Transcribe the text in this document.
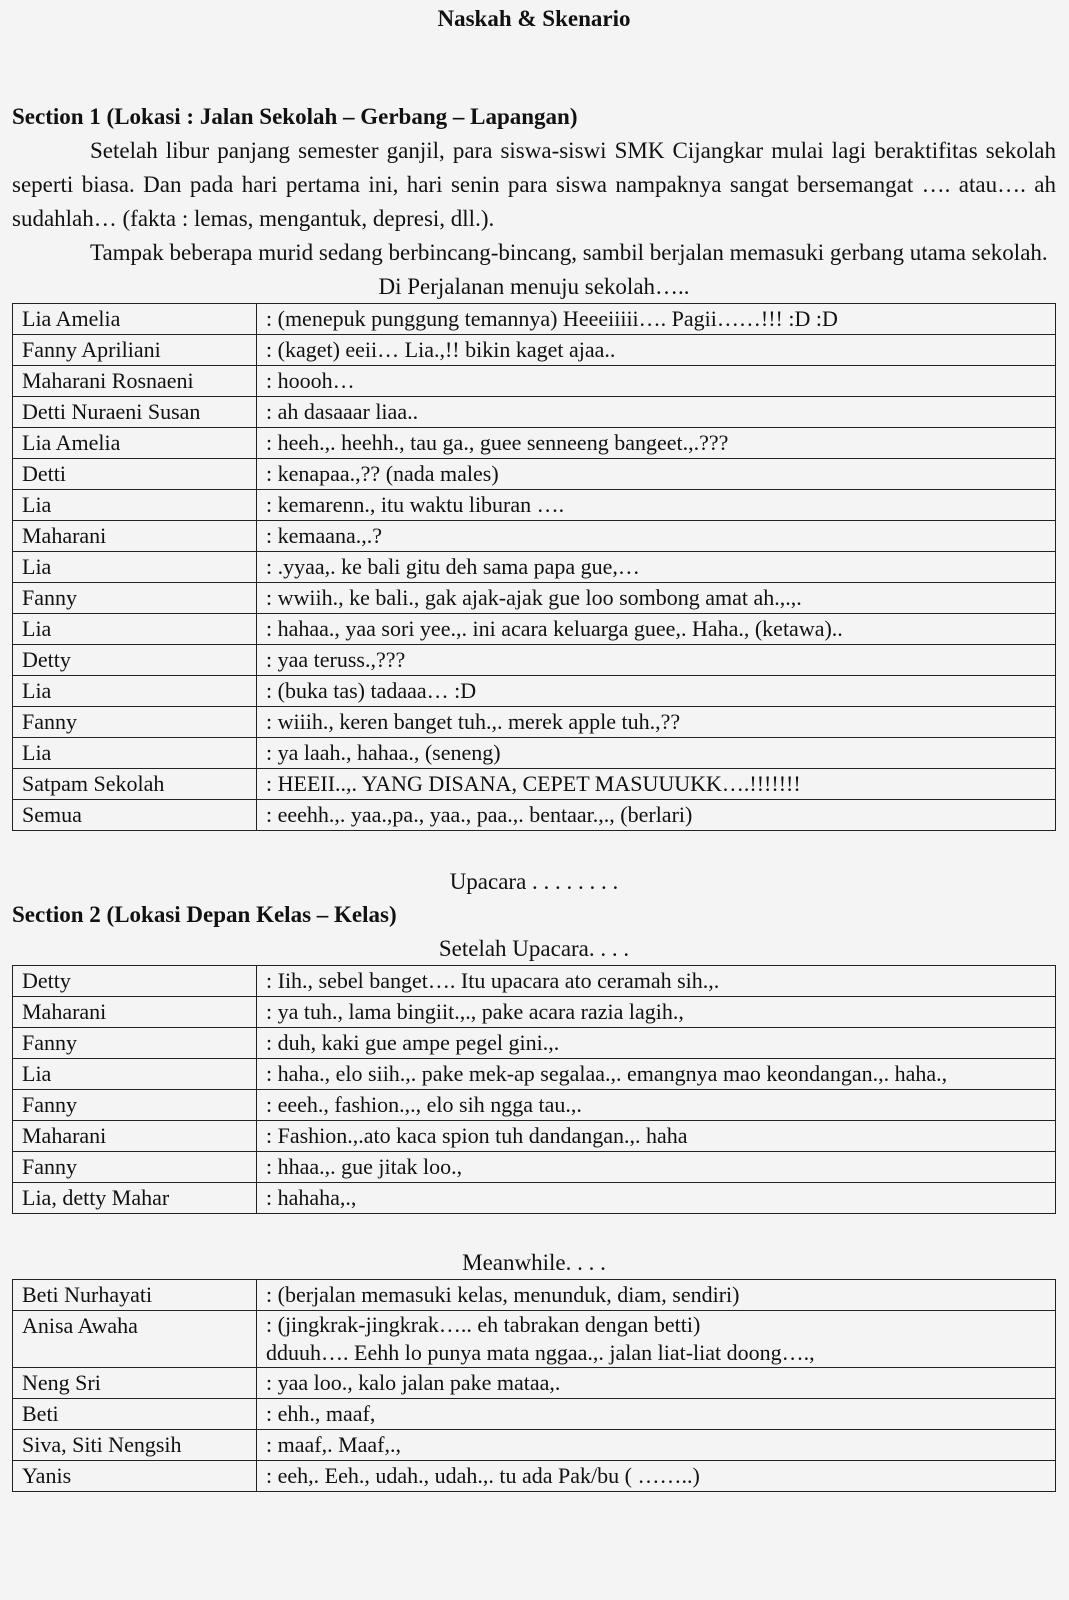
Naskah & Skenario
Section 1 (Lokasi : Jalan Sekolah – Gerbang – Lapangan)

Setelah libur panjang semester ganjil, para siswa-siswi SMK Cijangkar mulai lagi beraktifitas sekolah seperti biasa. Dan pada hari pertama ini, hari senin para siswa nampaknya sangat bersemangat …. atau…. ah sudahlah… (fakta : lemas, mengantuk, depresi, dll.).

Tampak beberapa murid sedang berbincang-bincang, sambil berjalan memasuki gerbang utama sekolah.

Di Perjalanan menuju sekolah…..
Lia Amelia	: (menepuk punggung temannya) Heeeiiiii…. Pagii……!!! :D :D
Fanny Apriliani	: (kaget) eeii… Lia.,!! bikin kaget ajaa..
Maharani Rosnaeni	: hoooh…
Detti Nuraeni Susan	: ah dasaaar liaa..
Lia Amelia	: heeh.,. heehh., tau ga., guee senneeng bangeet.,.???
Detti	: kenapaa.,?? (nada males)
Lia	: kemarenn., itu waktu liburan ….
Maharani	: kemaana.,.?
Lia	: .yyaa,. ke bali gitu deh sama papa gue,…
Fanny	: wwiih., ke bali., gak ajak-ajak gue loo sombong amat ah.,.,.
Lia	: hahaa., yaa sori yee.,. ini acara keluarga guee,. Haha., (ketawa)..
Detty	: yaa teruss.,???
Lia	: (buka tas) tadaaa… :D
Fanny	: wiiih., keren banget tuh.,. merek apple tuh.,??
Lia	: ya laah., hahaa., (seneng)
Satpam Sekolah	: HEEII..,. YANG DISANA, CEPET MASUUUKK….!!!!!!!
Semua	: eeehh.,. yaa.,pa., yaa., paa.,. bentaar.,., (berlari)
Upacara . . . . . . . .
Section 2 (Lokasi Depan Kelas – Kelas)
Setelah Upacara. . . .
Detty	: Iih., sebel banget…. Itu upacara ato ceramah sih.,.
Maharani	: ya tuh., lama bingiit.,., pake acara razia lagih.,
Fanny	: duh, kaki gue ampe pegel gini.,.
Lia	: haha., elo siih.,. pake mek-ap segalaa.,. emangnya mao keondangan.,. haha.,
Fanny	: eeeh., fashion.,., elo sih ngga tau.,.
Maharani	: Fashion.,.ato kaca spion tuh dandangan.,. haha
Fanny	: hhaa.,. gue jitak loo.,
Lia, detty Mahar	: hahaha,.,
Meanwhile. . . .
Beti Nurhayati	: (berjalan memasuki kelas, menunduk, diam, sendiri)
Anisa Awaha	: (jingkrak-jingkrak….. eh tabrakan dengan betti)
dduuh…. Eehh lo punya mata nggaa.,. jalan liat-liat doong….,

Neng Sri	: yaa loo., kalo jalan pake mataa,.
Beti	: ehh., maaf,
Siva, Siti Nengsih	: maaf,. Maaf,.,
Yanis	: eeh,. Eeh., udah., udah.,. tu ada Pak/bu ( ……..)
